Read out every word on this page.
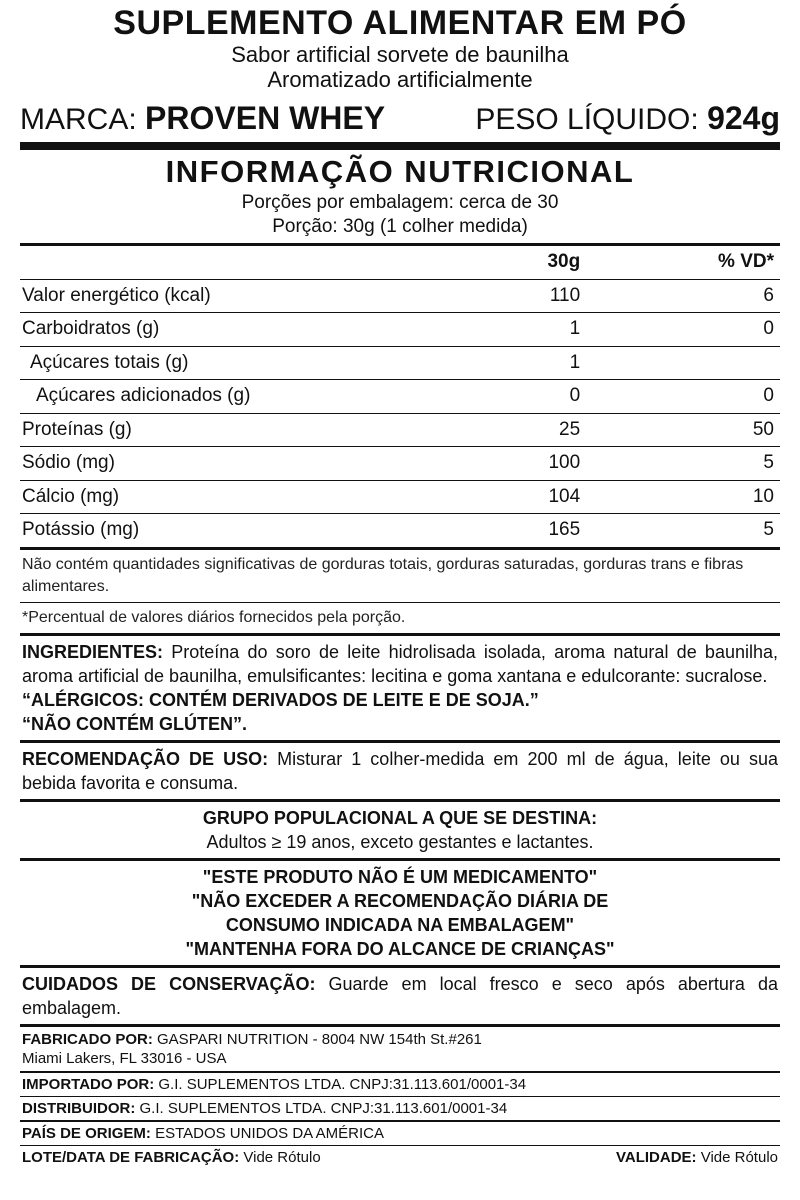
SUPLEMENTO ALIMENTAR EM PÓ
Sabor artificial sorvete de baunilha
Aromatizado artificialmente
MARCA: PROVEN WHEY	PESO LÍQUIDO: 924g
INFORMAÇÃO NUTRICIONAL
Porções por embalagem: cerca de 30
Porção: 30g (1 colher medida)
	30g	% VD*
Valor energético (kcal)	110	6
Carboidratos (g)	1	0
Açúcares totais (g)	1	
Açúcares adicionados (g)	0	0
Proteínas (g)	25	50
Sódio (mg)	100	5
Cálcio (mg)	104	10
Potássio (mg)	165	5
Não contém quantidades significativas de gorduras totais, gorduras saturadas, gorduras trans e fibras alimentares.
*Percentual de valores diários fornecidos pela porção.
INGREDIENTES: Proteína do soro de leite hidrolisada isolada, aroma natural de baunilha, aroma artificial de baunilha, emulsificantes: lecitina e goma xantana e edulcorante: sucralose.
“ALÉRGICOS: CONTÉM DERIVADOS DE LEITE E DE SOJA.”
“NÃO CONTÉM GLÚTEN”.
RECOMENDAÇÃO DE USO: Misturar 1 colher-medida em 200 ml de água, leite ou sua bebida favorita e consuma.
GRUPO POPULACIONAL A QUE SE DESTINA:
Adultos ≥ 19 anos, exceto gestantes e lactantes.
"ESTE PRODUTO NÃO É UM MEDICAMENTO"
"NÃO EXCEDER A RECOMENDAÇÃO DIÁRIA DE
CONSUMO INDICADA NA EMBALAGEM"
"MANTENHA FORA DO ALCANCE DE CRIANÇAS"
CUIDADOS DE CONSERVAÇÃO: Guarde em local fresco e seco após abertura da embalagem.
FABRICADO POR: GASPARI NUTRITION - 8004 NW 154th St.#261
Miami Lakers, FL 33016 - USA
IMPORTADO POR: G.I. SUPLEMENTOS LTDA. CNPJ:31.113.601/0001-34
DISTRIBUIDOR: G.I. SUPLEMENTOS LTDA. CNPJ:31.113.601/0001-34
PAÍS DE ORIGEM: ESTADOS UNIDOS DA AMÉRICA
LOTE/DATA DE FABRICAÇÃO: Vide Rótulo	VALIDADE: Vide Rótulo
